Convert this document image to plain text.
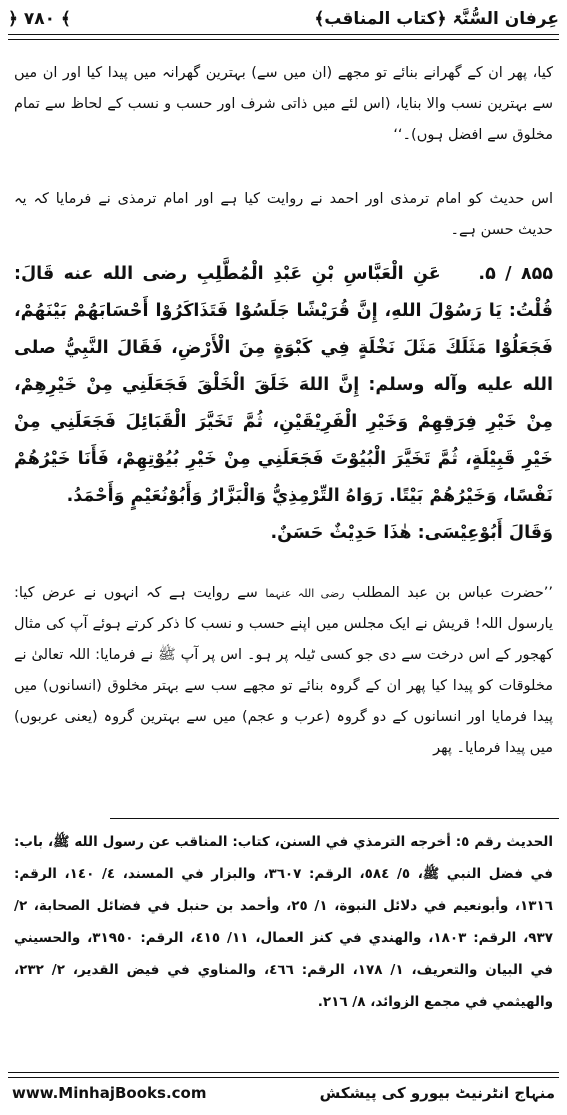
عِرفان السُّنَّۃ ﴿کتاب المناقب﴾
﴿ ۷۸۰ ﴾

کیا، پھر ان کے گھرانے بنائے تو مجھے (ان میں سے) بہترین گھرانہ میں پیدا کیا اور ان میں سے بہترین نسب والا بنایا، (اس لئے میں ذاتی شرف اور حسب و نسب کے لحاظ سے تمام مخلوق سے افضل ہوں)۔‘‘

اس حدیث کو امام ترمذی اور احمد نے روایت کیا ہے اور امام ترمذی نے فرمایا کہ یہ حدیث حسن ہے۔

۸۵۵ / ۵.    عَنِ الْعَبَّاسِ بْنِ عَبْدِ الْمُطَّلِبِ رضی الله عنه قَالَ: قُلْتُ: يَا رَسُوْلَ اللهِ، إِنَّ قُرَيْشًا جَلَسُوْا فَتَذَاكَرُوْا أَحْسَابَهُمْ بَيْنَهُمْ، فَجَعَلُوْا مَثَلَكَ مَثَلَ نَخْلَةٍ فِي كَبْوَةٍ مِنَ الْأَرْضِ، فَقَالَ النَّبِيُّ صلى الله عليه وآله وسلم: إِنَّ اللهَ خَلَقَ الْخَلْقَ فَجَعَلَنِي مِنْ خَيْرِهِمْ، مِنْ خَيْرِ فِرَقِهِمْ وَخَيْرِ الْفَرِيْقَيْنِ، ثُمَّ تَخَيَّرَ الْقَبَائِلَ فَجَعَلَنِي مِنْ خَيْرِ قَبِيْلَةٍ، ثُمَّ تَخَيَّرَ الْبُيُوْتَ فَجَعَلَنِي مِنْ خَيْرِ بُيُوْتِهِمْ، فَأَنَا خَيْرُهُمْ نَفْسًا، وَخَيْرُهُمْ بَيْتًا. رَوَاهُ التِّرْمِذِيُّ وَالْبَزَّارُ وَأَبُوْنُعَيْمٍ وَأَحْمَدُ.

وَقَالَ أَبُوْعِيْسَى: هٰذَا حَدِيْثٌ حَسَنٌ.

’’حضرت عباس بن عبد المطلب رضی اللہ عنہما سے روایت ہے کہ انہوں نے عرض کیا: یارسول اللہ! قریش نے ایک مجلس میں اپنے حسب و نسب کا ذکر کرتے ہوئے آپ کی مثال کھجور کے اس درخت سے دی جو کسی ٹیلہ پر ہو۔ اس پر آپ ﷺ نے فرمایا: اللہ تعالیٰ نے مخلوقات کو پیدا کیا پھر ان کے گروہ بنائے تو مجھے سب سے بہتر مخلوق (انسانوں) میں پیدا فرمایا اور انسانوں کے دو گروہ (عرب و عجم) میں سے بہترین گروہ (یعنی عربوں) میں پیدا فرمایا۔ پھر

الحديث رقم ٥: أخرجه الترمذي في السنن، كتاب: المناقب عن رسول الله ﷺ، باب: في فضل النبي ﷺ، ٥/ ٥٨٤، الرقم: ٣٦٠٧، والبزار في المسند، ٤/ ١٤٠، الرقم: ١٣١٦، وأبونعيم في دلائل النبوة، ١/ ٢٥، وأحمد بن حنبل في فضائل الصحابة، ٢/ ٩٣٧، الرقم: ١٨٠٣، والهندي في كنز العمال، ١١/ ٤١٥، الرقم: ٣١٩٥٠، والحسيني في البيان والتعريف، ١/ ١٧٨، الرقم: ٤٦٦، والمناوي في فيض القدير، ٢/ ٢٣٢، والهيثمي في مجمع الزوائد، ٨/ ٢١٦.

www.MinhajBooks.com	منہاج انٹرنیٹ بیورو کی پیشکش
